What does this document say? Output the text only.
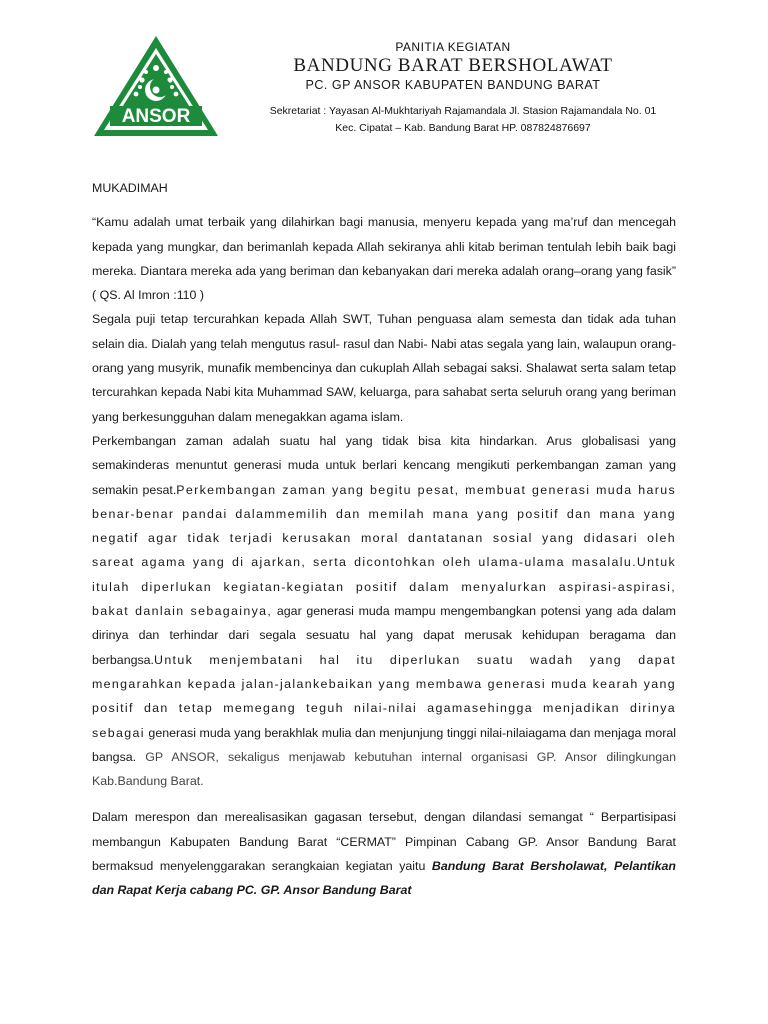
ANSOR
PANITIA KEGIATAN
BANDUNG BARAT BERSHOLAWAT
PC. GP ANSOR KABUPATEN BANDUNG BARAT
Sekretariat : Yayasan Al-Mukhtariyah Rajamandala Jl. Stasion Rajamandala No. 01
Kec. Cipatat – Kab. Bandung Barat HP. 087824876697
MUKADIMAH

“Kamu adalah umat terbaik yang dilahirkan bagi manusia, menyeru kepada yang ma’ruf dan mencegah kepada yang mungkar, dan berimanlah kepada Allah sekiranya ahli kitab beriman tentulah lebih baik bagi mereka. Diantara mereka ada yang beriman dan kebanyakan dari mereka adalah orang–orang yang fasik” ( QS. Al Imron :110 )

Segala puji tetap tercurahkan kepada Allah SWT, Tuhan penguasa alam semesta dan tidak ada tuhan selain dia. Dialah yang telah mengutus rasul- rasul dan Nabi- Nabi atas segala yang lain, walaupun orang- orang yang musyrik, munafik membencinya dan cukuplah Allah sebagai saksi. Shalawat serta salam tetap tercurahkan kepada Nabi kita Muhammad SAW, keluarga, para sahabat serta seluruh orang yang beriman yang berkesungguhan dalam menegakkan agama islam.

Perkembangan zaman adalah suatu hal yang tidak bisa kita hindarkan. Arus globalisasi yang semakinderas menuntut generasi muda untuk berlari kencang mengikuti perkembangan zaman yang semakin pesat.Perkembangan zaman yang begitu pesat, membuat generasi muda harus benar-benar pandai dalammemilih dan memilah mana yang positif dan mana yang negatif agar tidak terjadi kerusakan moral dantatanan sosial yang didasari oleh sareat agama yang di ajarkan, serta dicontohkan oleh ulama-ulama masalalu.Untuk itulah diperlukan kegiatan-kegiatan positif dalam menyalurkan aspirasi-aspirasi, bakat danlain sebagainya, agar generasi muda mampu mengembangkan potensi yang ada dalam dirinya dan terhindar dari segala sesuatu hal yang dapat merusak kehidupan beragama dan berbangsa.Untuk menjembatani hal itu diperlukan suatu wadah yang dapat mengarahkan kepada jalan-jalankebaikan yang membawa generasi muda kearah yang positif dan tetap memegang teguh nilai-nilai agamasehingga menjadikan dirinya sebagai generasi muda yang berakhlak mulia dan menjunjung tinggi nilai-nilaiagama dan menjaga moral bangsa. GP ANSOR, sekaligus menjawab kebutuhan internal organisasi GP. Ansor dilingkungan Kab.Bandung Barat.

Dalam merespon dan merealisasikan gagasan tersebut, dengan dilandasi semangat “ Berpartisipasi membangun Kabupaten Bandung Barat “CERMAT” Pimpinan Cabang GP. Ansor Bandung Barat bermaksud menyelenggarakan serangkaian kegiatan yaitu Bandung Barat Bersholawat, Pelantikan dan Rapat Kerja cabang PC. GP. Ansor Bandung Barat
